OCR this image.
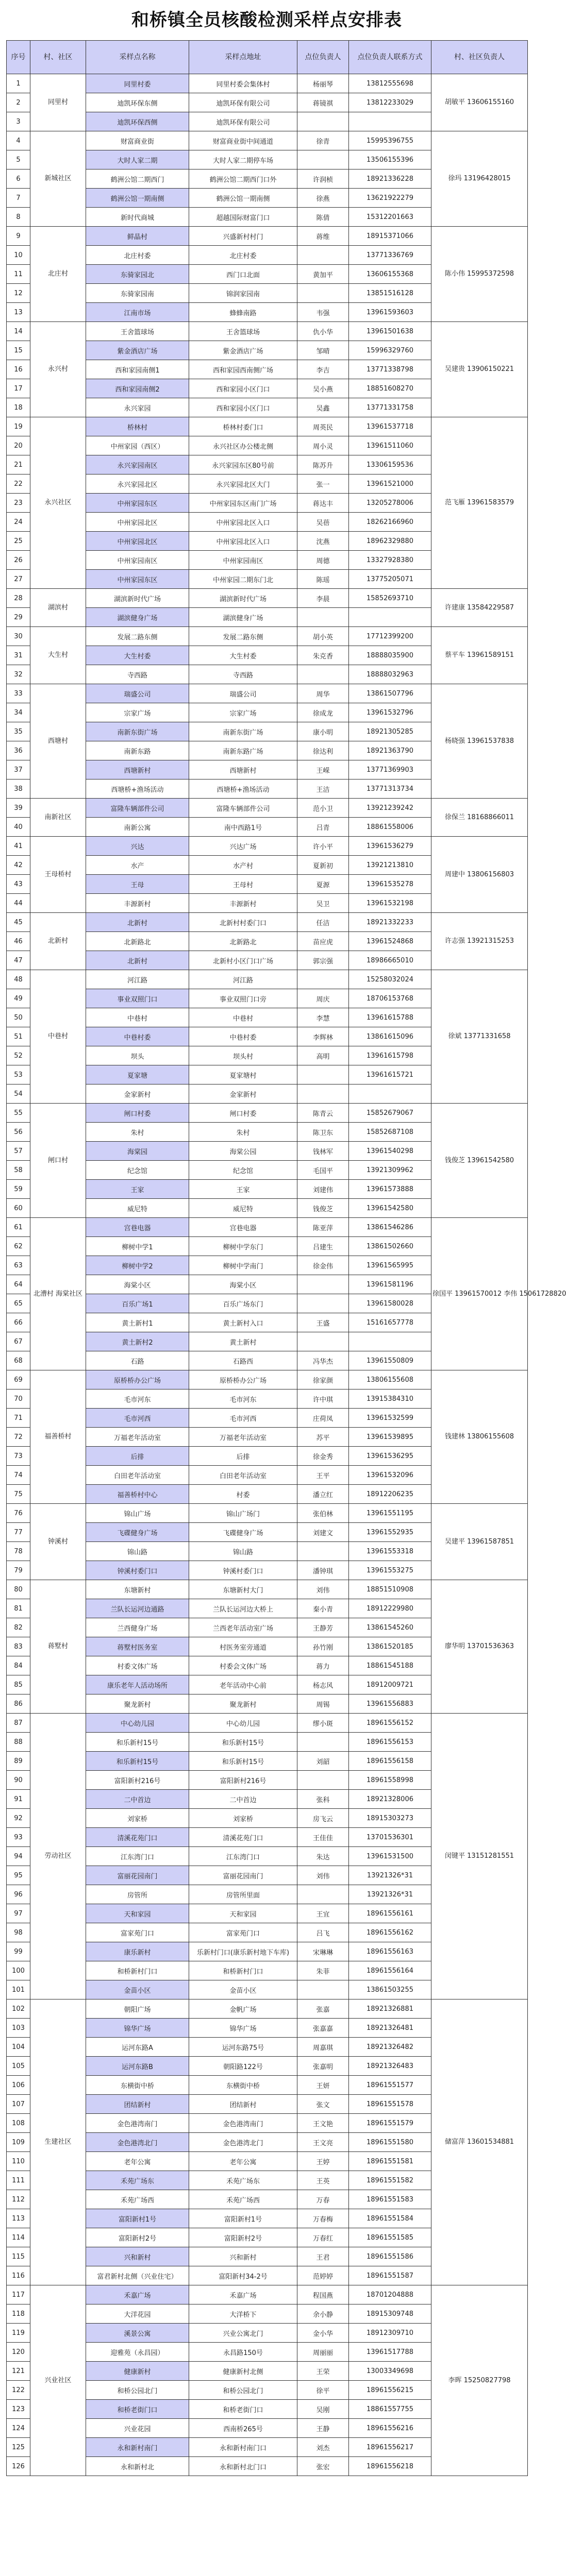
和桥镇全员核酸检测采样点安排表
序号	村、社区	采样点名称	采样点地址	点位负责人	点位负责人联系方式	村、社区负责人
1	同里村	同里村委	同里村委会集体村	杨丽琴	13812555698	胡敏平 13606155160
2		迪凯环保东侧	迪凯环保有限公司	蒋镜祺	13812233029	
3		迪凯环保西侧	迪凯环保有限公司			
4	新城社区	财富商业街	财富商业街中间通道	徐青	15995396755	徐玛 13196428015
5		大时人家二期	大时人家二期停车场		13506155396	
6		鹤洲公馆二期西门	鹤洲公馆二期西门口外	许润桢	18921336228	
7		鹤洲公馆一期南侧	鹤洲公馆一期南侧	徐燕	13621922279	
8		新时代商城	超越国际财富门口	陈倩	15312201663	
9	北庄村	鲜晶村	兴盛新村村门	蒋维	18915371066	陈小伟 15995372598
10		北庄村委	北庄村委		13771336769	
11		东骑家园北	西门口北面	黄加平	13606155368	
12		东骑家园南	锦润家园南		13851516128	
13		江南市场	蜂蜂南路	韦强	13961593603	
14	永兴村	王舍篮球场	王舍篮球场	仇小华	13961501638	吴建贵 13906150221
15		紫金酒店广场	紫金酒店广场	邹晴	15996329760	
16		西和家园南侧1	西和家园西南侧广场	李吉	13771338798	
17		西和家园南侧2	西和家园小区门口	吴小燕	18851608270	
18		永兴家园	西和家园小区门口	吴鑫	13771331758	
19	永兴社区	桥林村	桥林村委门口	周英民	13961537718	范飞雁 13961583579
20		中州家园（西区）	永兴社区办公楼北侧	周小灵	13961511060	
21		永兴家园南区	永兴家园东区80号前	陈苏升	13306159536	
22		永兴家园北区	永兴家园北区大门	张一	13961521000	
23		中州家园东区	中州家园东区南门广场	蒋达丰	13205278006	
24		中州家园北区	中州家园北区入口	吴蓓	18262166960	
25		中州家园北区	中州家园北区入口	沈燕	18962329880	
26		中州家园南区	中州家园南区	周德	13327928380	
27		中州家园东区	中州家园二期东门北	陈瑶	13775205071	
28	湖滨村	湖滨新时代广场	湖滨新时代广场	李晨	15852693710	许建康 13584229587
29		湖滨健身广场	湖滨健身广场			
30	大生村	发展二路东侧	发展二路东侧	胡小英	17712399200	蔡平车 13961589151
31		大生村委	大生村委	朱克香	18888035900	
32		寺西路	寺西路		18888032963	
33	西塘村	瑞盛公司	瑞盛公司	周华	13861507796	杨晓强 13961537838
34		宗家广场	宗家广场	徐成龙	13961532796	
35		南新东街广场	南新东街广场	康小明	18921305285	
36		南新东路	南新东路广场	徐达利	18921363790	
37		西塘新村	西塘新村	王嵘	13771369903	
38		西塘桥+渔场活动	西塘桥+渔场活动	王洁	13771313734	
39	南新社区	富隆车辆部件公司	富隆车辆部件公司	范小卫	13921239242	徐保兰 18168866011
40		南新公寓	南中西路1号	吕青	18861558006	
41	王母桥村	兴达	兴达广场	许小平	13961536279	周建中 13806156803
42		水产	水产村	夏新初	13921213810	
43		王母	王母村	夏源	13961535278	
44		丰源新村	丰源新村	吴卫	13961532198	
45	北新村	北新村	北新村村委门口	任洁	18921332233	许志强 13921315253
46		北新路北	北新路北	苗应虎	13961524868	
47		北新村	北新村小区门口广场	郭宗强	18986665010	
48	中巷村	河江路	河江路		15258032024	徐斌 13771331658
49		事业双照门口	事业双照门口旁	周庆	18706153768	
50		中巷村	中巷村	李慧	13961615788	
51		中巷村委	中巷村委	李辉林	13861615096	
52		坝头	坝头村	高明	13961615798	
53		夏家塘	夏家塘村		13961615721	
54		金家新村	金家新村			
55	闸口村	闸口村委	闸口村委	陈青云	15852679067	钱俊芝 13961542580
56		朱村	朱村	陈卫东	15852687108	
57		海棠园	海棠公园	钱林军	13961540298	
58		纪念馆	纪念馆	毛国平	13921309962	
59		王家	王家	刘建伟	13961573888	
60		威尼特	威尼特	钱俊芝	13961542580	
61	北漕村 海棠社区	宫巷电器	宫巷电器	陈亚萍	13861546286	徐国平 13961570012 李伟 15061728820
62		柳树中学1	柳树中学东门	吕建生	13861502660	
63		柳树中学2	柳树中学南门	徐金伟	13961565995	
64		海棠小区	海棠小区		13961581196	
65		百乐广场1	百乐广场东门		13961580028	
66		黄土新村1	黄土新村入口	王盛	15161657778	
67		黄土新村2	黄土新村			
68		石路	石路西	冯华杰	13961550809	
69	福善桥村	原桥桥办公广场	原桥桥办公广场	徐家颜	13806155608	钱建林 13806155608
70		毛市河东	毛市河东	许中琪	13915384310	
71		毛市河西	毛市河西	庄荷凤	13961532599	
72		万福老年活动室	万福老年活动室	苏平	13961539895	
73		后排	后排	徐金秀	13961536295	
74		白田老年活动室	白田老年活动室	王平	13961532096	
75		福善桥村中心	村委	潘立红	18912206235	
76	钟溪村	锦山广场	锦山广场门	张伯林	13961551195	吴建平 13961587851
77		飞碟健身广场	飞碟健身广场	刘建文	13961552935	
78		锦山路	锦山路		13961553318	
79		钟溪村委门口	钟溪村委门口	潘钟琪	13961553275	
80	蒋墅村	东塘新村	东塘新村大门	刘伟	18851510908	廖华明 13701536363
81		兰队长运河边通路	兰队长运河边大桥上	秦小青	18912229980	
82		兰西健身广场	兰西老年活动室广场	王静芳	13861545260	
83		蒋墅村医务室	村医务室旁通道	孙竹刚	13861520185	
84		村委文体广场	村委会文体广场	蒋力	18861545188	
85		康乐老年人活动场所	老年活动中心前	杨志风	18912009721	
86		聚龙新村	聚龙新村	周锡	13961556883	
87	劳动社区	中心幼儿园	中心幼儿园	缪小斑	18961556152	闵键平 13151281551
88		和乐新村15号	和乐新村15号		18961556153	
89		和乐新村15号	和乐新村15号	刘韶	18961556158	
90		富阳新村216号	富阳新村216号		18961558998	
91		二中首边	二中首边	张科	18921328006	
92		刘家桥	刘家桥	房飞云	18915303273	
93		清溪花苑门口	清溪花苑门口	王佳佳	13701536301	
94		江东湾门口	江东湾门口	朱达	13961531500	
95		富丽花园南门	富丽花园南门	刘伟	13921326*31	
96		房管所	房管所里面		13921326*31	
97		天和家园	天和家园	王宜	18961556161	
98		富家苑门口	富家苑门口	吕飞	18961556162	
99		康乐新村	乐新村门口(康乐新村地下车库)	宋琳琳	18961556163	
100		和桥新村门口	和桥新村门口	朱菲	18961556164	
101		金苗小区	金苗小区		13861503255	
102	生建社区	朝阳广场	金帆广场	张嘉	18921326881	储富萍 13601534881
103		锦华广场	锦华广场	张嘉嘉	18921326481	
104		运河东路A	运河东路75号	周嘉琪	18921326482	
105		运河东路B	朝阳路122号	张嘉明	18921326483	
106		东横街中桥	东横街中桥	王妍	18961551577	
107		团结新村	团结新村	张文	18961551578	
108		金色港湾南门	金色港湾南门	王文艳	18961551579	
109		金色港湾北门	金色港湾北门	王文亮	18961551580	
110		老年公寓	老年公寓	王婷	18961551581	
111		禾苑广场东	禾苑广场东	王英	18961551582	
112		禾苑广场西	禾苑广场西	万春	18961551583	
113		富阳新村1号	富阳新村1号	万春梅	18961551584	
114		富阳新村2号	富阳新村2号	万春红	18961551585	
115		兴和新村	兴和新村	王君	18961551586	
116		富君新村北侧（兴业住宅）	富阳新村34-2号	范婷婷	18961551587	
117	兴业社区	禾嘉广场	禾嘉广场	程国燕	18701204888	李晖 15250827798
118		大洋花园	大洋桥下	余小静	18915309748	
119		溪景公寓	兴业公寓北门	金小华	18912309710	
120		迎雅苑（永昌园）	永昌路150号	周丽丽	13961517788	
121		健康新村	健康新村北侧	王荣	13003349698	
122		和桥公园北门	和桥公园北门	徐平	18961556215	
123		和桥老街门口	和桥老街门口	吴刚	18861557755	
124		兴业花园	西南桥265号	王静	18961556216	
125		永和新村南门	永和新村南门口	刘杰	18961556217	
126		永和新村北	永和新村北门口	张宏	18961556218	
